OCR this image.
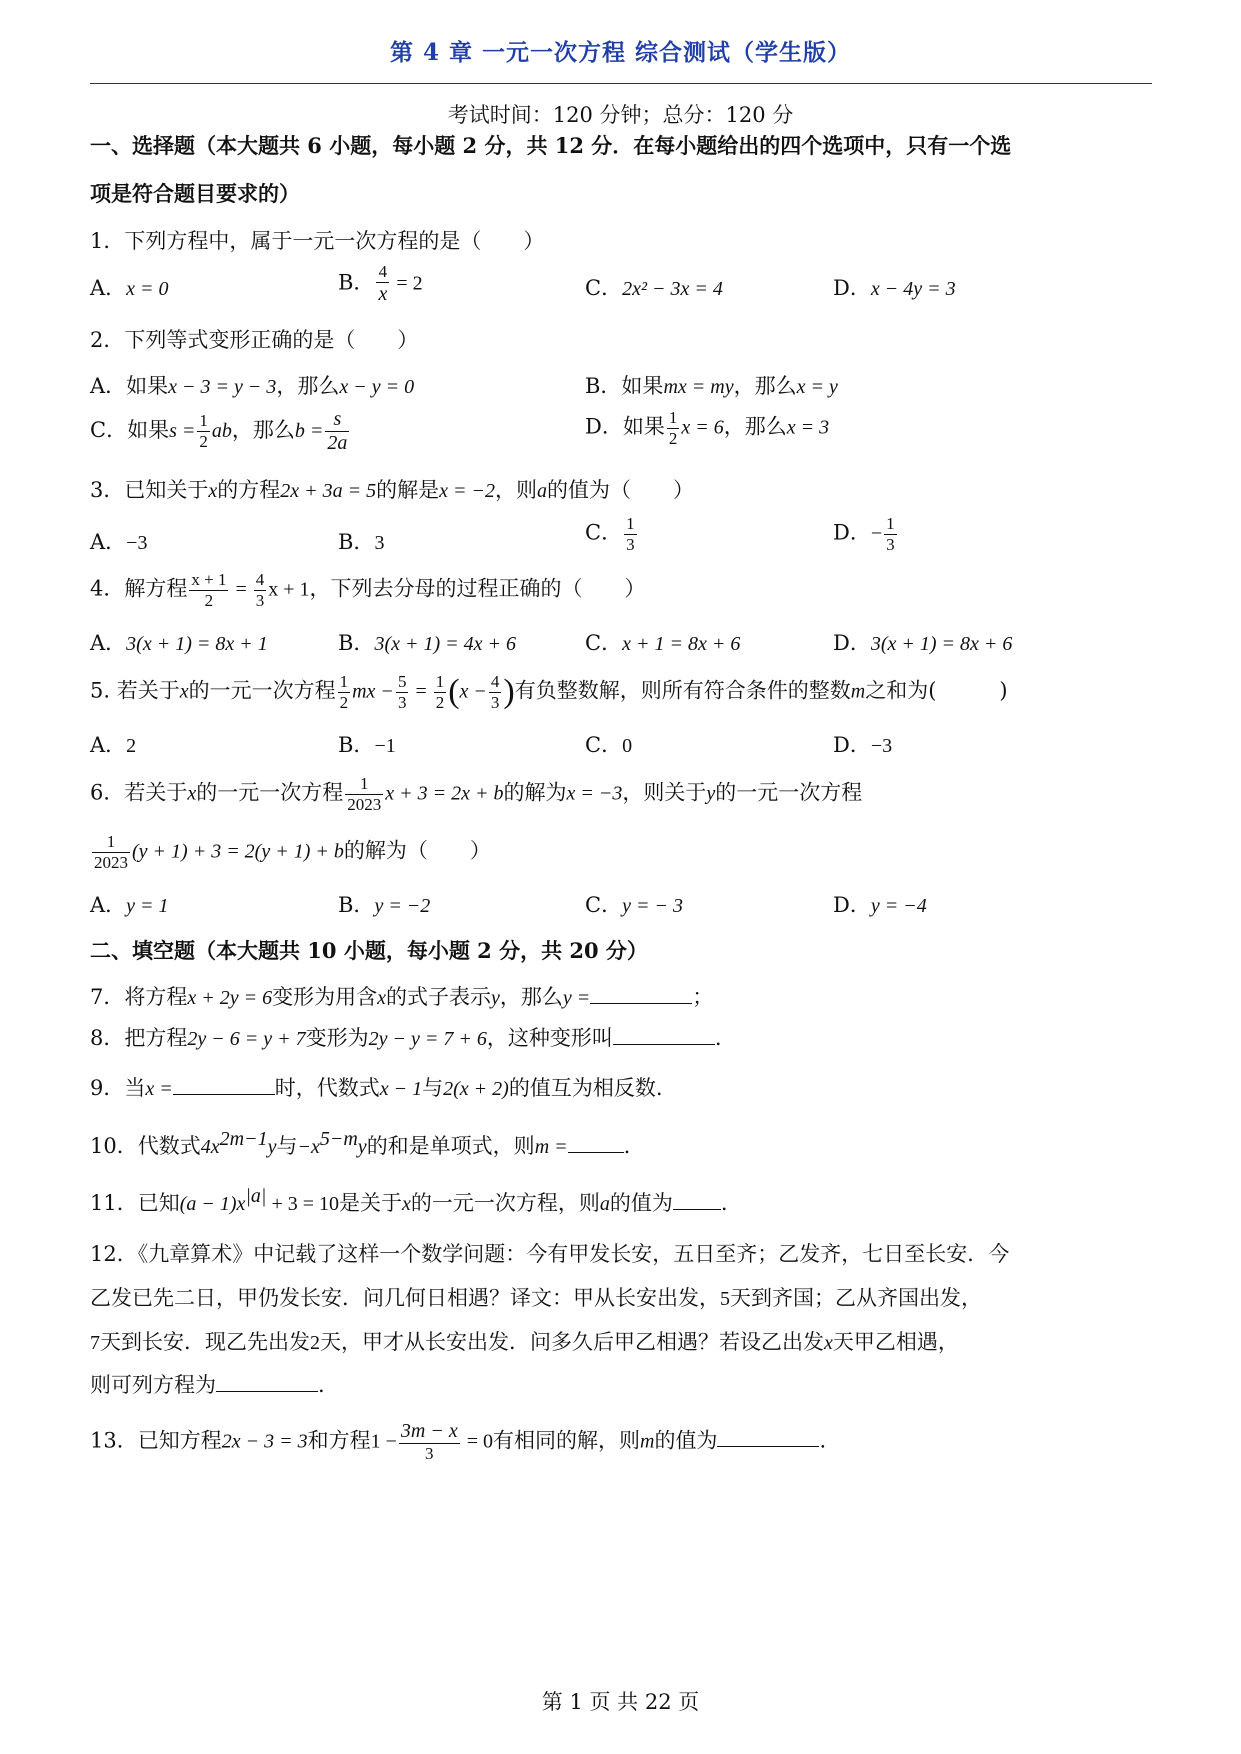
第 4 章 一元一次方程 综合测试（学生版）
考试时间：120 分钟；总分：120 分
一、选择题（本大题共 6 小题，每小题 2 分，共 12 分．在每小题给出的四个选项中，只有一个选
项是符合题目要求的）
1．下列方程中，属于一元一次方程的是（　　）
A．x = 0	B． $\frac{4}{x} = 2$	C．2x² − 3x = 4	D．x − 4y = 3
2．下列等式变形正确的是（　　）
A．如果x − 3 = y − 3，那么x − y = 0	B．如果mx = my，那么x = y
C．如果$s = \frac{1}{2}$ ab，那么$b = \frac{s}{2a}$	D．如果 $\frac{1}{2}$ x = 6，那么x = 3
3．已知关于x的方程2x + 3a = 5的解是x = −2，则a的值为（　　）
A．−3	B．3	C． $\frac{1}{3}$	D．− $\frac{1}{3}$
4．解方程 $\frac{x + 1}{2} = \frac{4}{3}$ x + 1，下列去分母的过程正确的（　　）
A．3(x + 1) = 8x + 1	B．3(x + 1) = 4x + 6	C．x + 1 = 8x + 6	D．3(x + 1) = 8x + 6
5. 若关于x的一元一次方程 $\frac{1}{2}$ mx − $\frac{5}{3} = \frac{1}{2} (x - \frac{4}{3}$ )有负整数解，则所有符合条件的整数m之和为(　　　)
A．2	B．−1	C．0	D．−3
6．若关于x的一元一次方程 $\frac{1}{2023}$ x + 3 = 2x + b的解为x = −3，则关于y的一元一次方程
$\frac{1}{2023} (y + 1) + 3 = 2(y + 1) + b$的解为（　　）
A．y = 1	B．y = −2	C．y = − 3	D．y = −4
二、填空题（本大题共 10 小题，每小题 2 分，共 20 分）
7．将方程x + 2y = 6变形为用含x的式子表示y，那么y =	；
8．把方程2y − 6 = y + 7变形为2y − y = 7 + 6，这种变形叫	.
9．当x =	时，代数式x − 1与2(x + 2)的值互为相反数.
10．代数式$4x^{2m-1}y$与$-x^{5-m}y$的和是单项式，则m =	.
11．已知$(a - 1)x^{|a|} + 3 = 10$是关于x的一元一次方程，则a的值为 .
12．《九章算术》中记载了这样一个数学问题：今有甲发长安，五日至齐；乙发齐，七日至长安．今
乙发已先二日，甲仍发长安．问几何日相遇？译文：甲从长安出发，5天到齐国；乙从齐国出发，
7天到长安．现乙先出发2天，甲才从长安出发．问多久后甲乙相遇？若设乙出发x天甲乙相遇，
则可列方程为	.
13．已知方程2x − 3 = 3和方程$1 - \frac{3m - x}{3} = 0$有相同的解，则m的值为	.
第 1 页 共 22 页
